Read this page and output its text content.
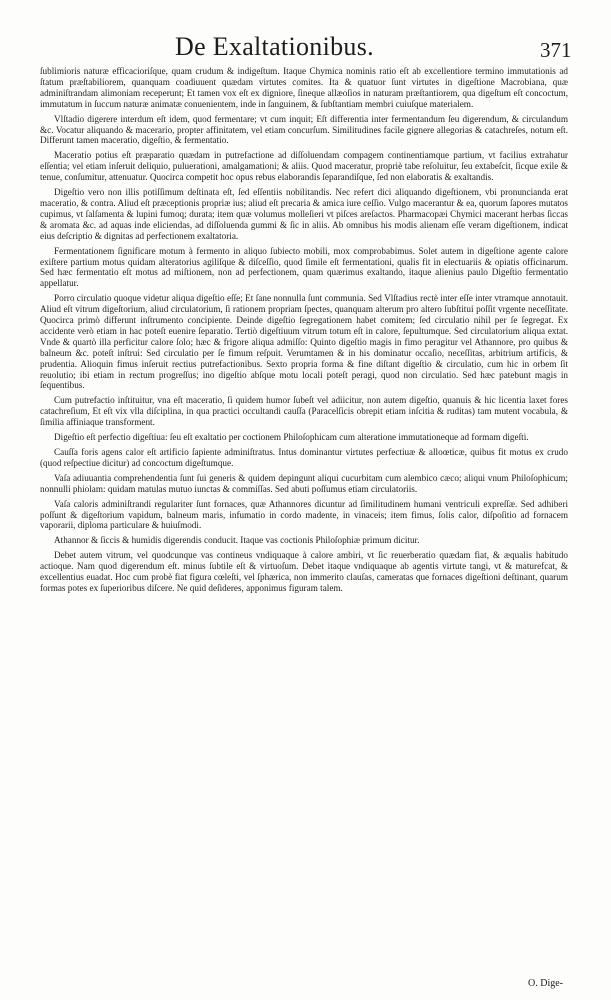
De Exaltationibus.	371

ſublimioris naturæ efficacioriſque, quam crudum & indigeſtum. Itaque Chymica nominis ratio eſt ab excellentiore termino immutationis ad ſtatum præſtabiliorem, quanquam coadiuuent quædam virtutes comites. Ita & quatuor ſunt virtutes in digeſtione Macrobiana, quæ adminiſtrandam alimoniam receperunt; Et tamen vox eſt ex digniore, ſineque allæoſios in naturam præſtantiorem, qua digeſtum eſt concoctum, immutatum in ſuccum naturæ animatæ conuenientem, inde in ſanguinem, & ſubſtantiam membri cuiuſque materialem.

Vlſtadio digerere interdum eſt idem, quod fermentare; vt cum inquit; Eſt differentia inter fermentandum ſeu digerendum, & circulandum &c. Vocatur aliquando & macerario, propter affinitatem, vel etiam concurſum. Similitudines facile gignere allegorias & catachreſes, notum eſt. Differunt tamen maceratio, digeſtio, & fermentatio.

Maceratio potius eſt præparatio quædam in putrefactione ad diſſoluendam compagem continentiamque partium, vt facilius extrahatur eſſentia; vel etiam inſeruit deliquio, puluerationi, amalgamationi; & aliis. Quod maceratur, propriè tabe reſoluitur, ſeu extabeſcit, ſicque exile & tenue, conſumitur, attenuatur. Quocirca competit hoc opus rebus elaborandis ſeparandiſque, ſed non elaboratis & exaltandis.

Digeſtio vero non illis potiſſimum deſtinata eſt, ſed eſſentiis nobilitandis. Nec refert dici aliquando digeſtionem, vbi pronuncianda erat maceratio, & contra. Aliud eſt præceptionis propriæ ius; aliud eſt precaria & amica iure ceſſio. Vulgo macerantur & ea, quorum ſapores mutatos cupimus, vt ſalſamenta & lupini fumoq; durata; item quæ volumus molleſieri vt piſces areſactos. Pharmacopæi Chymici macerant herbas ſiccas & aromata &c. ad aquas inde eliciendas, ad diſſoluenda gummi & ſic in aliis. Ab omnibus his modis alienam eſſe veram digeſtionem, indicat eius deſcriptio & dignitas ad perfectionem exaltatoria.

Fermentationem ſignificare motum à fermento in aliquo ſubiecto mobili, mox comprobabimus. Solet autem in digeſtione agente calore exiſtere partium motus quidam alteratorius agiliſque & diſceſſio, quod ſimile eſt fermentationi, qualis fit in electuariis & opiatis officinarum. Sed hæc fermentatio eſt motus ad miſtionem, non ad perfectionem, quam quærimus exaltando, itaque alienius paulo Digeſtio fermentatio appellatur.

Porro circulatio quoque videtur aliqua digeſtio eſſe; Et ſane nonnulla ſunt communia. Sed Vlſtadius rectè inter eſſe inter vtramque annotauit. Aliud eſt vitrum digeſtorium, aliud circulatorium, ſi rationem propriam ſpectes, quanquam alterum pro altero ſubſtitui poſſit vrgente neceſſitate. Quocirca primò differunt inſtrumento concipiente. Deinde digeſtio ſegregationem habet comitem; ſed circulatio nihil per ſe ſegregat. Ex accidente verò etiam in hac poteſt euenire ſeparatio. Tertiò digeſtiuum vitrum totum eſt in calore, ſepultumque. Sed circulatorium aliqua extat. Vnde & quartò illa perficitur calore ſolo; hæc & frigore aliqua admiſſo: Quinto digeſtio magis in fimo peragitur vel Athannore, pro quibus & balneum &c. poteſt inſtrui: Sed circulatio per ſe fimum reſpuit. Verumtamen & in his dominatur occaſio, neceſſitas, arbitrium artificis, & prudentia. Alioquin fimus inſeruit rectius putrefactionibus. Sexto propria forma & fine diſtant digeſtio & circulatio, cum hic in orbem ſit reuolutio; ibi etiam in rectum progreſſus; ino digeſtio abſque motu locali poteſt peragi, quod non circulatio. Sed hæc patebunt magis in ſequentibus.

Cum putrefactio inſtituitur, vna eſt maceratio, ſi quidem humor ſubeſt vel adiicitur, non autem digeſtio, quanuis & hic licentia laxet fores catachreſium, Et eſt vix vlla diſciplina, in qua practici occultandi cauſſa (Paracelſicis obrepit etiam inſcitia & ruditas) tam mutent vocabula, & ſimilia affiniaque transforment.

Digeſtio eſt perfectio digeſtiua: ſeu eſt exaltatio per coctionem Philoſophicam cum alteratione immutationeque ad formam digeſti.

Cauſſa foris agens calor eſt artificio ſapiente adminiſtratus. Intus dominantur virtutes perfectiuæ & alloœticæ, quibus fit motus ex crudo (quod reſpectiue dicitur) ad concoctum digeſtumque.

Vaſa adiuuantia comprehendentia ſunt ſui generis & quidem depingunt aliqui cucurbitam cum alembico cæco; aliqui vnum Philoſophicum; nonnulli phiolam: quidam matulas mutuo iunctas & commiſſas. Sed abuti poſſumus etiam circulatoriis.

Vaſa caloris adminiſtrandi regulariter ſunt fornaces, quæ Athannores dicuntur ad ſimilitudinem humani ventriculi expreſſæ. Sed adhiberi poſſunt & digeſtorium vapidum, balneum maris, infumatio in cordo madente, in vinaceis; item fimus, ſolis calor, diſpoſitio ad fornacem vaporarii, diploma particulare & huiuſmodi.

Athannor & ſiccis & humidis digerendis conducit. Itaque vas coctionis Philoſophiæ primum dicitur.

Debet autem vitrum, vel quodcunque vas contineus vndiquaque à calore ambiri, vt ſic reuerberatio quædam fiat, & æqualis habitudo actioque. Nam quod digerendum eſt. minus ſubtile eſt & virtuoſum. Debet itaque vndiquaque ab agentis virtute tangi, vt & maturefcat, & excellentius euadat. Hoc cum probè fiat figura cœleſti, vel ſphærica, non immerito clauſas, cameratas que fornaces digeſtioni deſtinant, quarum formas potes ex ſuperioribus diſcere. Ne quid deſideres, apponimus figuram talem.

O. Dige-
